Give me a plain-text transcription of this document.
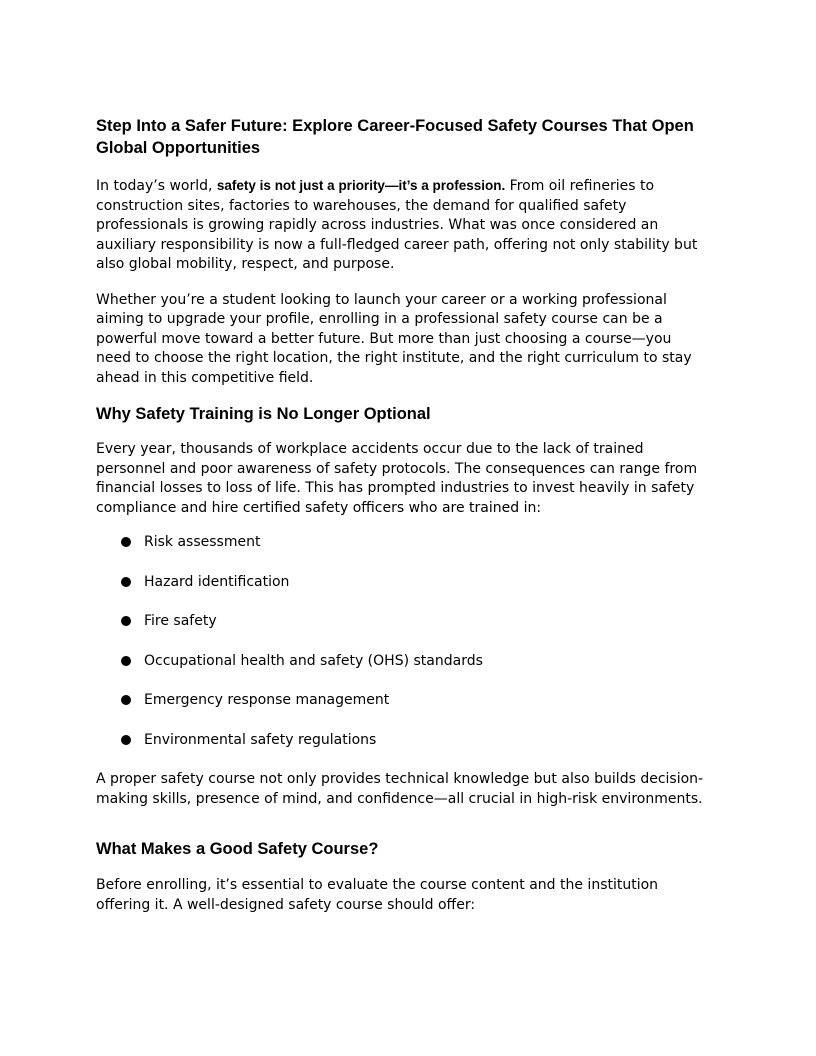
Step Into a Safer Future: Explore Career-Focused Safety Courses That Open Global Opportunities

In today’s world, safety is not just a priority—it’s a profession. From oil refineries to construction sites, factories to warehouses, the demand for qualified safety professionals is growing rapidly across industries. What was once considered an auxiliary responsibility is now a full-fledged career path, offering not only stability but also global mobility, respect, and purpose.

Whether you’re a student looking to launch your career or a working professional aiming to upgrade your profile, enrolling in a professional safety course can be a powerful move toward a better future. But more than just choosing a course—you need to choose the right location, the right institute, and the right curriculum to stay ahead in this competitive field.

Why Safety Training is No Longer Optional

Every year, thousands of workplace accidents occur due to the lack of trained personnel and poor awareness of safety protocols. The consequences can range from financial losses to loss of life. This has prompted industries to invest heavily in safety compliance and hire certified safety officers who are trained in:

Risk assessment
Hazard identification
Fire safety
Occupational health and safety (OHS) standards
Emergency response management
Environmental safety regulations

A proper safety course not only provides technical knowledge but also builds decision-making skills, presence of mind, and confidence—all crucial in high-risk environments.

What Makes a Good Safety Course?

Before enrolling, it’s essential to evaluate the course content and the institution offering it. A well-designed safety course should offer:
